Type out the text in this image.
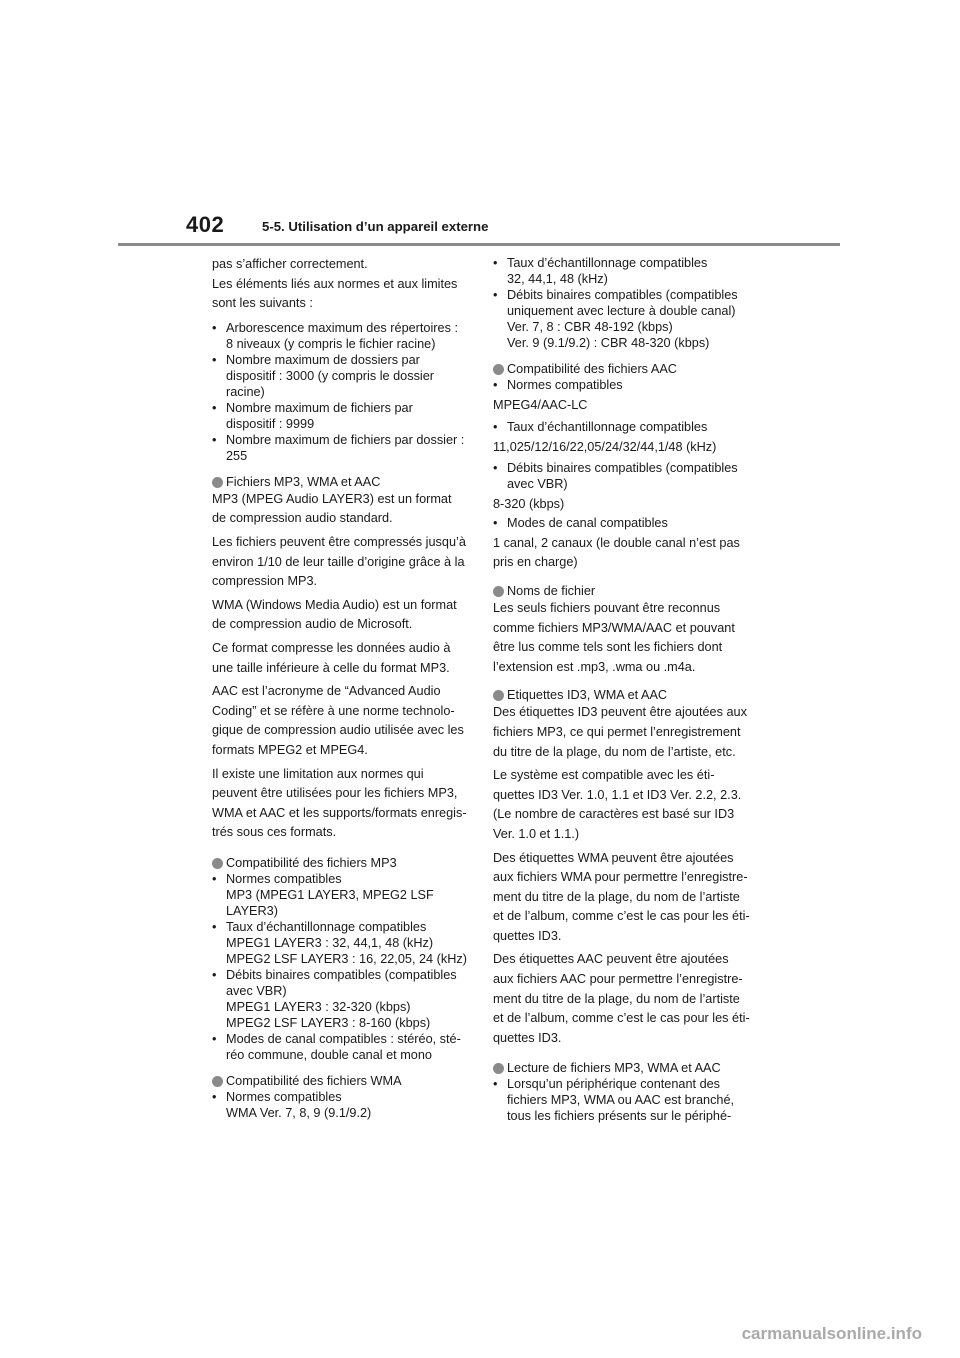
402	5-5. Utilisation d’un appareil externe

pas s’afficher correctement.

Les éléments liés aux normes et aux limites

sont les suivants :

• Arborescence maximum des répertoires :
8 niveaux (y compris le fichier racine)
• Nombre maximum de dossiers par
dispositif : 3000 (y compris le dossier
racine)
• Nombre maximum de fichiers par
dispositif : 9999
• Nombre maximum de fichiers par dossier :
255
Fichiers MP3, WMA et AAC

MP3 (MPEG Audio LAYER3) est un format

de compression audio standard.

Les fichiers peuvent être compressés jusqu’à

environ 1/10 de leur taille d’origine grâce à la

compression MP3.

WMA (Windows Media Audio) est un format

de compression audio de Microsoft.

Ce format compresse les données audio à

une taille inférieure à celle du format MP3.

AAC est l’acronyme de “Advanced Audio

Coding” et se réfère à une norme technolo-

gique de compression audio utilisée avec les

formats MPEG2 et MPEG4.

Il existe une limitation aux normes qui

peuvent être utilisées pour les fichiers MP3,

WMA et AAC et les supports/formats enregis-

trés sous ces formats.

Compatibilité des fichiers MP3
• Normes compatibles
MP3 (MPEG1 LAYER3, MPEG2 LSF
LAYER3)
• Taux d’échantillonnage compatibles
MPEG1 LAYER3 : 32, 44,1, 48 (kHz)
MPEG2 LSF LAYER3 : 16, 22,05, 24 (kHz)
• Débits binaires compatibles (compatibles
avec VBR)
MPEG1 LAYER3 : 32-320 (kbps)
MPEG2 LSF LAYER3 : 8-160 (kbps)
• Modes de canal compatibles : stéréo, sté-
réo commune, double canal et mono
Compatibilité des fichiers WMA
• Normes compatibles
WMA Ver. 7, 8, 9 (9.1/9.2)
• Taux d’échantillonnage compatibles
32, 44,1, 48 (kHz)
• Débits binaires compatibles (compatibles
uniquement avec lecture à double canal)
Ver. 7, 8 : CBR 48-192 (kbps)
Ver. 9 (9.1/9.2) : CBR 48-320 (kbps)
Compatibilité des fichiers AAC
• Normes compatibles

MPEG4/AAC-LC

• Taux d’échantillonnage compatibles

11,025/12/16/22,05/24/32/44,1/48 (kHz)

• Débits binaires compatibles (compatibles
avec VBR)

8-320 (kbps)

• Modes de canal compatibles

1 canal, 2 canaux (le double canal n’est pas

pris en charge)

Noms de fichier

Les seuls fichiers pouvant être reconnus

comme fichiers MP3/WMA/AAC et pouvant

être lus comme tels sont les fichiers dont

l’extension est .mp3, .wma ou .m4a.

Etiquettes ID3, WMA et AAC

Des étiquettes ID3 peuvent être ajoutées aux

fichiers MP3, ce qui permet l’enregistrement

du titre de la plage, du nom de l’artiste, etc.

Le système est compatible avec les éti-

quettes ID3 Ver. 1.0, 1.1 et ID3 Ver. 2.2, 2.3.

(Le nombre de caractères est basé sur ID3

Ver. 1.0 et 1.1.)

Des étiquettes WMA peuvent être ajoutées

aux fichiers WMA pour permettre l’enregistre-

ment du titre de la plage, du nom de l’artiste

et de l’album, comme c’est le cas pour les éti-

quettes ID3.

Des étiquettes AAC peuvent être ajoutées

aux fichiers AAC pour permettre l’enregistre-

ment du titre de la plage, du nom de l’artiste

et de l’album, comme c’est le cas pour les éti-

quettes ID3.

Lecture de fichiers MP3, WMA et AAC
• Lorsqu’un périphérique contenant des
fichiers MP3, WMA ou AAC est branché,
tous les fichiers présents sur le périphé-
carmanualsonline.info
